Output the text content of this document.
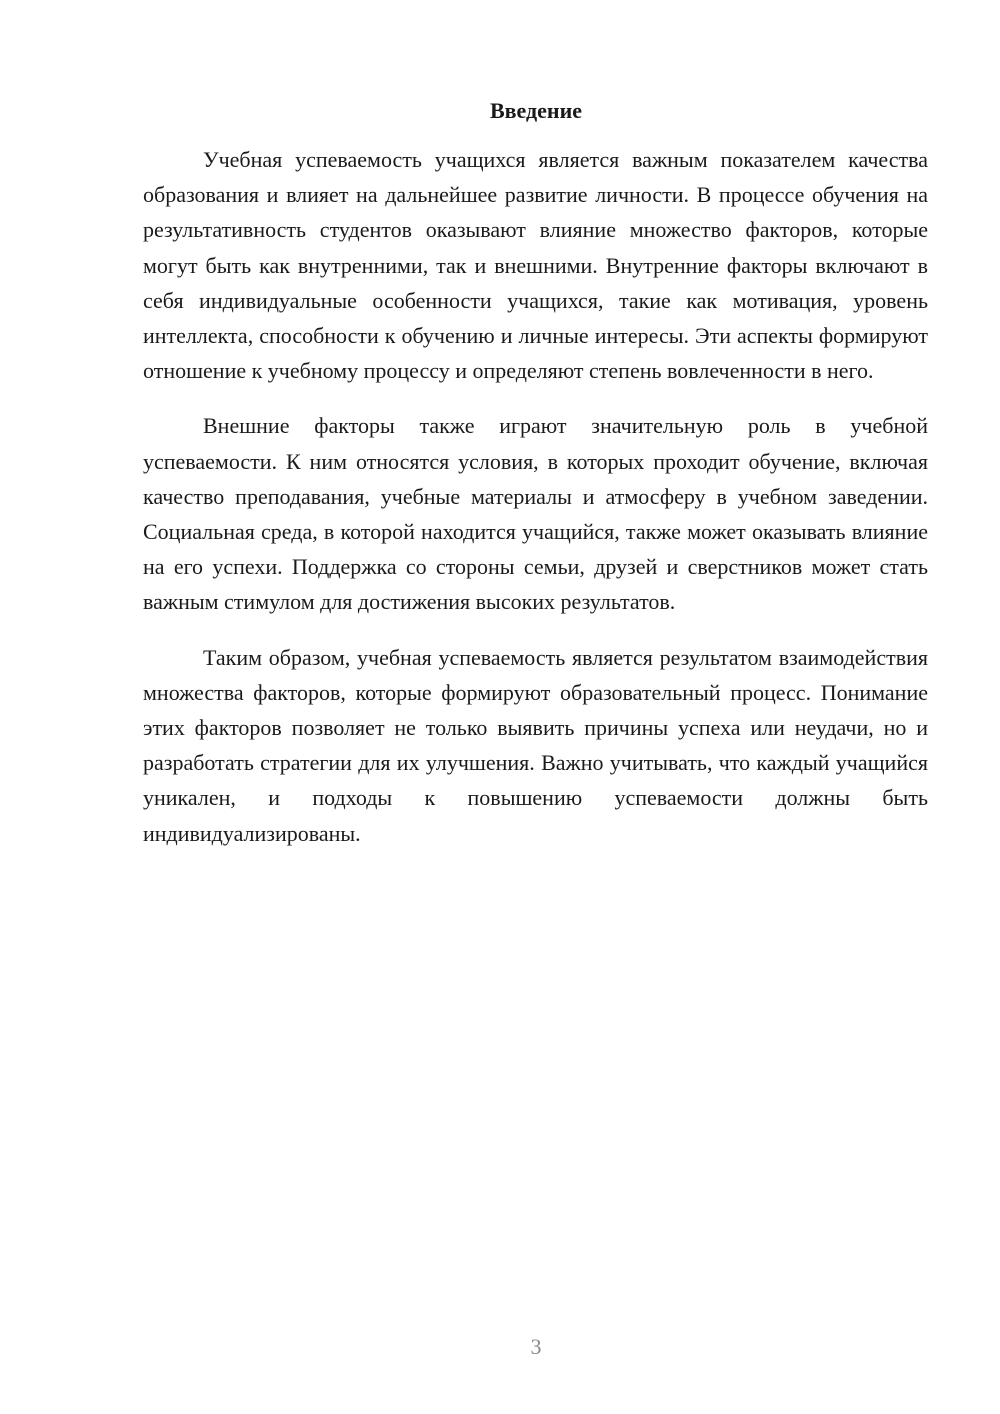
Введение

Учебная успеваемость учащихся является важным показателем качества образования и влияет на дальнейшее развитие личности. В процессе обучения на результативность студентов оказывают влияние множество факторов, которые могут быть как внутренними, так и внешними. Внутренние факторы включают в себя индивидуальные особенности учащихся, такие как мотивация, уровень интеллекта, способности к обучению и личные интересы. Эти аспекты формируют отношение к учебному процессу и определяют степень вовлеченности в него.

Внешние факторы также играют значительную роль в учебной успеваемости. К ним относятся условия, в которых проходит обучение, включая качество преподавания, учебные материалы и атмосферу в учебном заведении. Социальная среда, в которой находится учащийся, также может оказывать влияние на его успехи. Поддержка со стороны семьи, друзей и сверстников может стать важным стимулом для достижения высоких результатов.

Таким образом, учебная успеваемость является результатом взаимодействия множества факторов, которые формируют образовательный процесс. Понимание этих факторов позволяет не только выявить причины успеха или неудачи, но и разработать стратегии для их улучшения. Важно учитывать, что каждый учащийся уникален, и подходы к повышению успеваемости должны быть индивидуализированы.

3
